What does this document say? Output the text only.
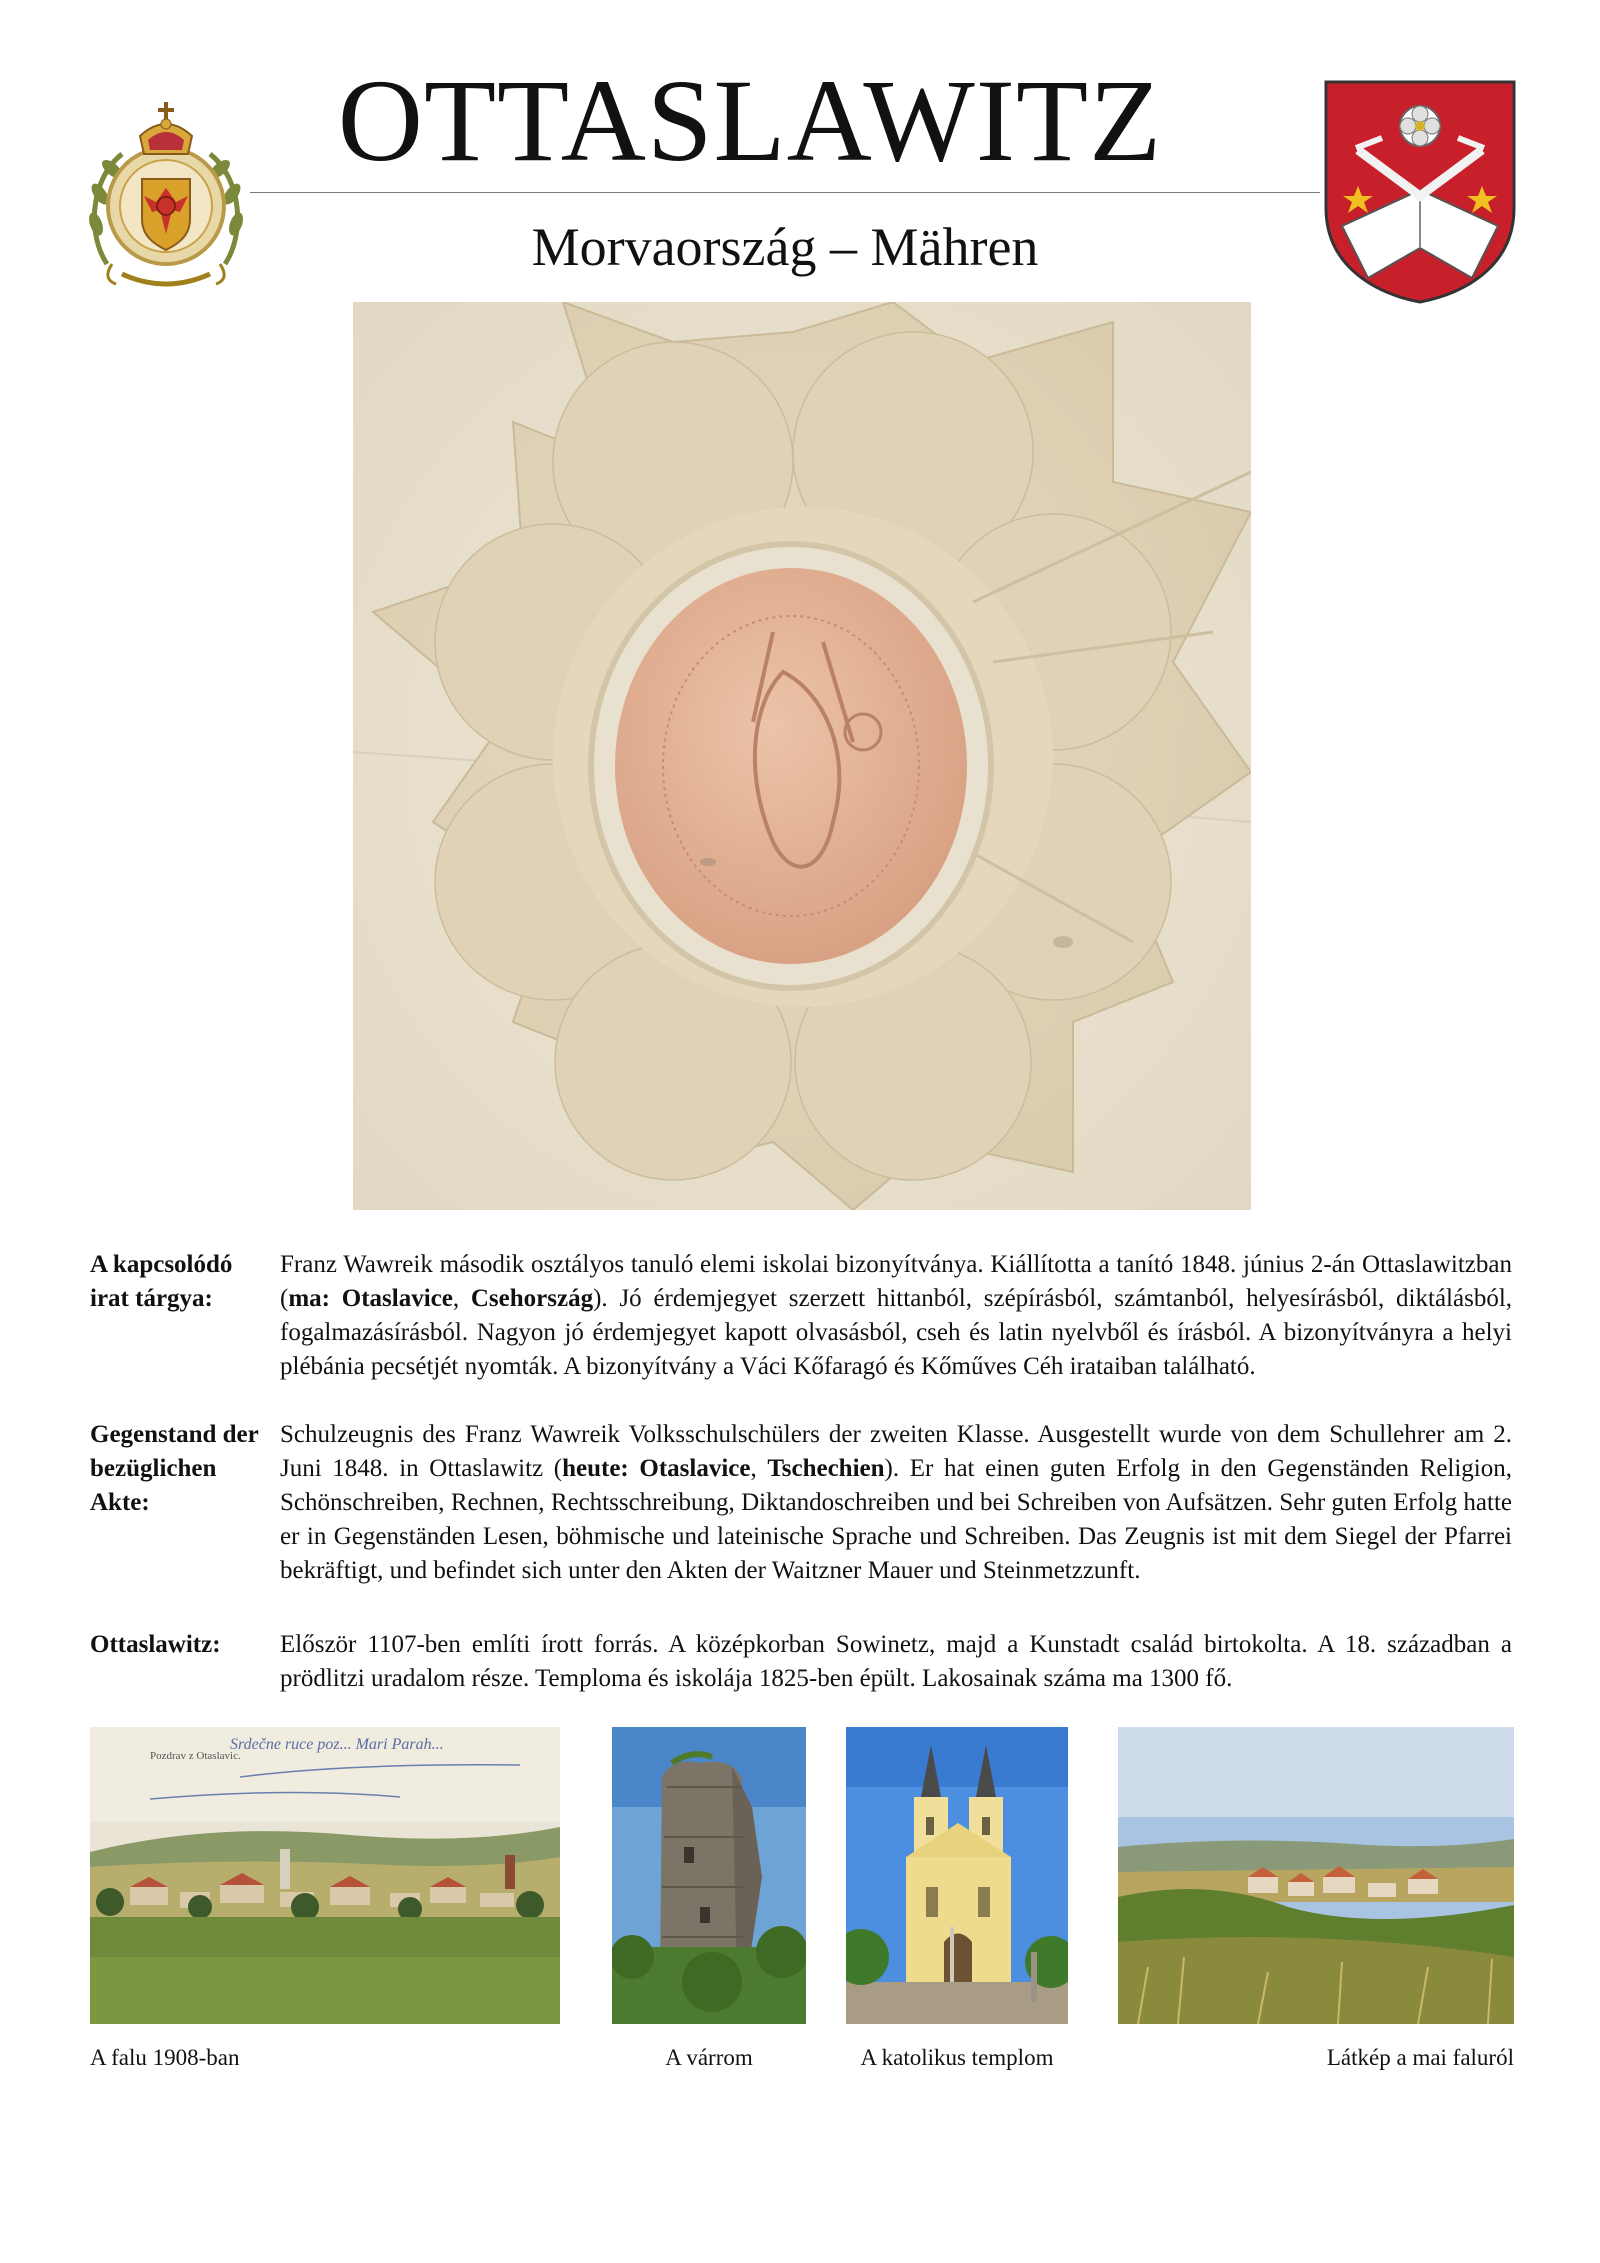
OTTASLAWITZ
Morvaország – Mähren
A kapcsolódó irat tárgya:
Franz Wawreik második osztályos tanuló elemi iskolai bizonyítványa. Kiállította a tanító 1848. június 2-án Ottaslawitzban (ma: Otaslavice, Csehország). Jó érdemjegyet szerzett hittanból, szépírásból, számtanból, helyesírásból, diktálásból, fogalmazásírásból. Nagyon jó érdemjegyet kapott olvasásból, cseh és latin nyelvből és írásból. A bizonyítványra a helyi plébánia pecsétjét nyomták. A bizonyítvány a Váci Kőfaragó és Kőműves Céh irataiban található.
Gegenstand der bezüglichen Akte:
Schulzeugnis des Franz Wawreik Volksschulschülers der zweiten Klasse. Ausgestellt wurde von dem Schullehrer am 2. Juni 1848. in Ottaslawitz (heute: Otaslavice, Tschechien). Er hat einen guten Erfolg in den Gegenständen Religion, Schönschreiben, Rechnen, Rechtsschreibung, Diktandoschreiben und bei Schreiben von Aufsätzen. Sehr guten Erfolg hatte er in Gegenständen Lesen, böhmische und lateinische Sprache und Schreiben. Das Zeugnis ist mit dem Siegel der Pfarrei bekräftigt, und befindet sich unter den Akten der Waitzner Mauer und Steinmetzzunft.
Ottaslawitz:	Először 1107-ben említi írott forrás. A középkorban Sowinetz, majd a Kunstadt család birtokolta. A 18. században a prödlitzi uradalom része. Temploma és iskolája 1825-ben épült. Lakosainak száma ma 1300 fő.
Pozdrav z Otaslavic.
Srdečne ruce poz... Mari Parah...
A falu 1908-ban	A várrom	A katolikus templom	Látkép a mai faluról
